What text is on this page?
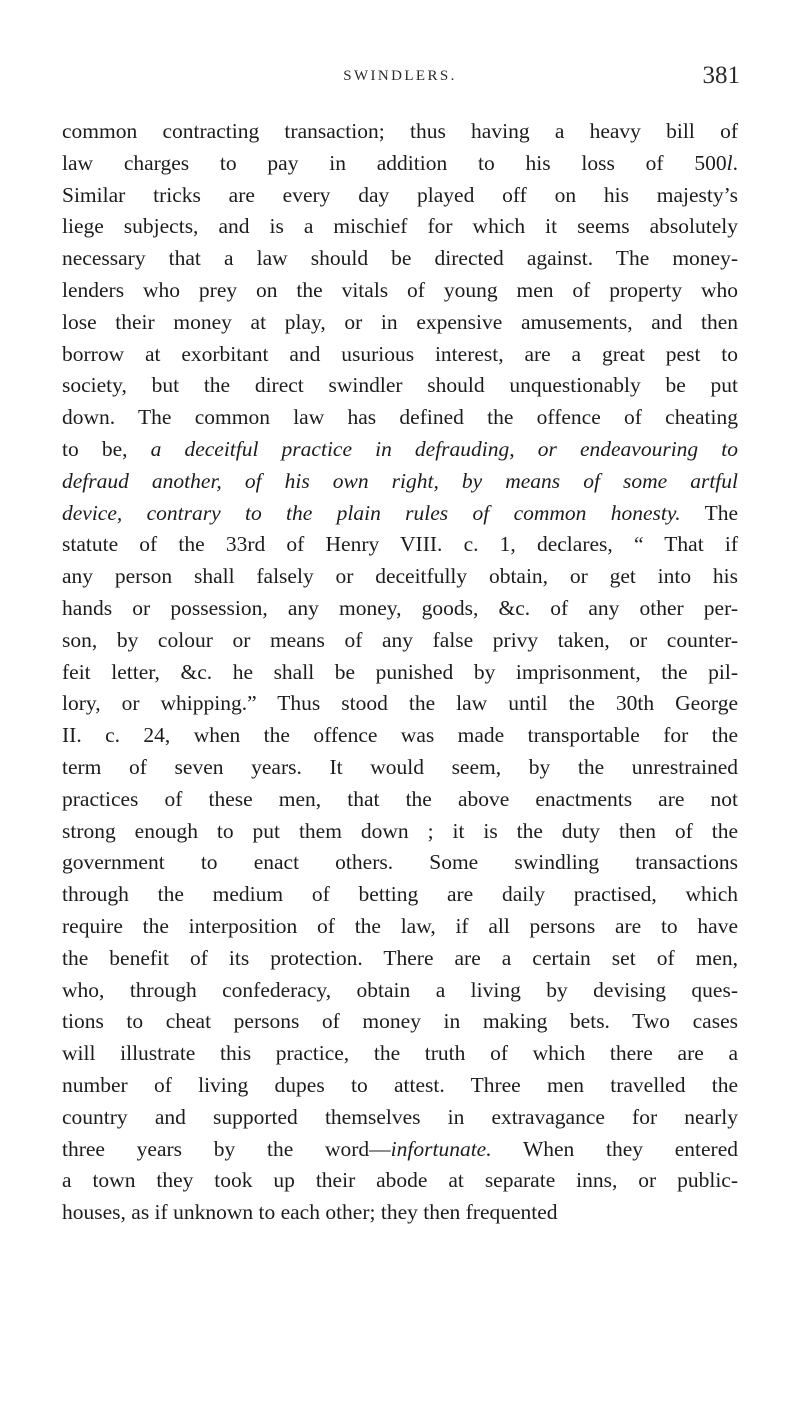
SWINDLERS.	381
common contracting transaction; thus having a heavy bill of
law charges to pay in addition to his loss of 500l.
Similar tricks are every day played off on his majesty’s
liege subjects, and is a mischief for which it seems absolutely
necessary that a law should be directed against. The money-
lenders who prey on the vitals of young men of property who
lose their money at play, or in expensive amusements, and then
borrow at exorbitant and usurious interest, are a great pest to
society, but the direct swindler should unquestionably be put
down. The common law has defined the offence of cheating
to be, a deceitful practice in defrauding, or endeavouring to
defraud another, of his own right, by means of some artful
device, contrary to the plain rules of common honesty. The
statute of the 33rd of Henry VIII. c. 1, declares, “ That if
any person shall falsely or deceitfully obtain, or get into his
hands or possession, any money, goods, &c. of any other per-
son, by colour or means of any false privy taken, or counter-
feit letter, &c. he shall be punished by imprisonment, the pil-
lory, or whipping.” Thus stood the law until the 30th George
II. c. 24, when the offence was made transportable for the
term of seven years. It would seem, by the unrestrained
practices of these men, that the above enactments are not
strong enough to put them down ; it is the duty then of the
government to enact others. Some swindling transactions
through the medium of betting are daily practised, which
require the interposition of the law, if all persons are to have
the benefit of its protection. There are a certain set of men,
who, through confederacy, obtain a living by devising ques-
tions to cheat persons of money in making bets. Two cases
will illustrate this practice, the truth of which there are a
number of living dupes to attest. Three men travelled the
country and supported themselves in extravagance for nearly
three years by the word—infortunate. When they entered
a town they took up their abode at separate inns, or public-
houses, as if unknown to each other; they then frequented
